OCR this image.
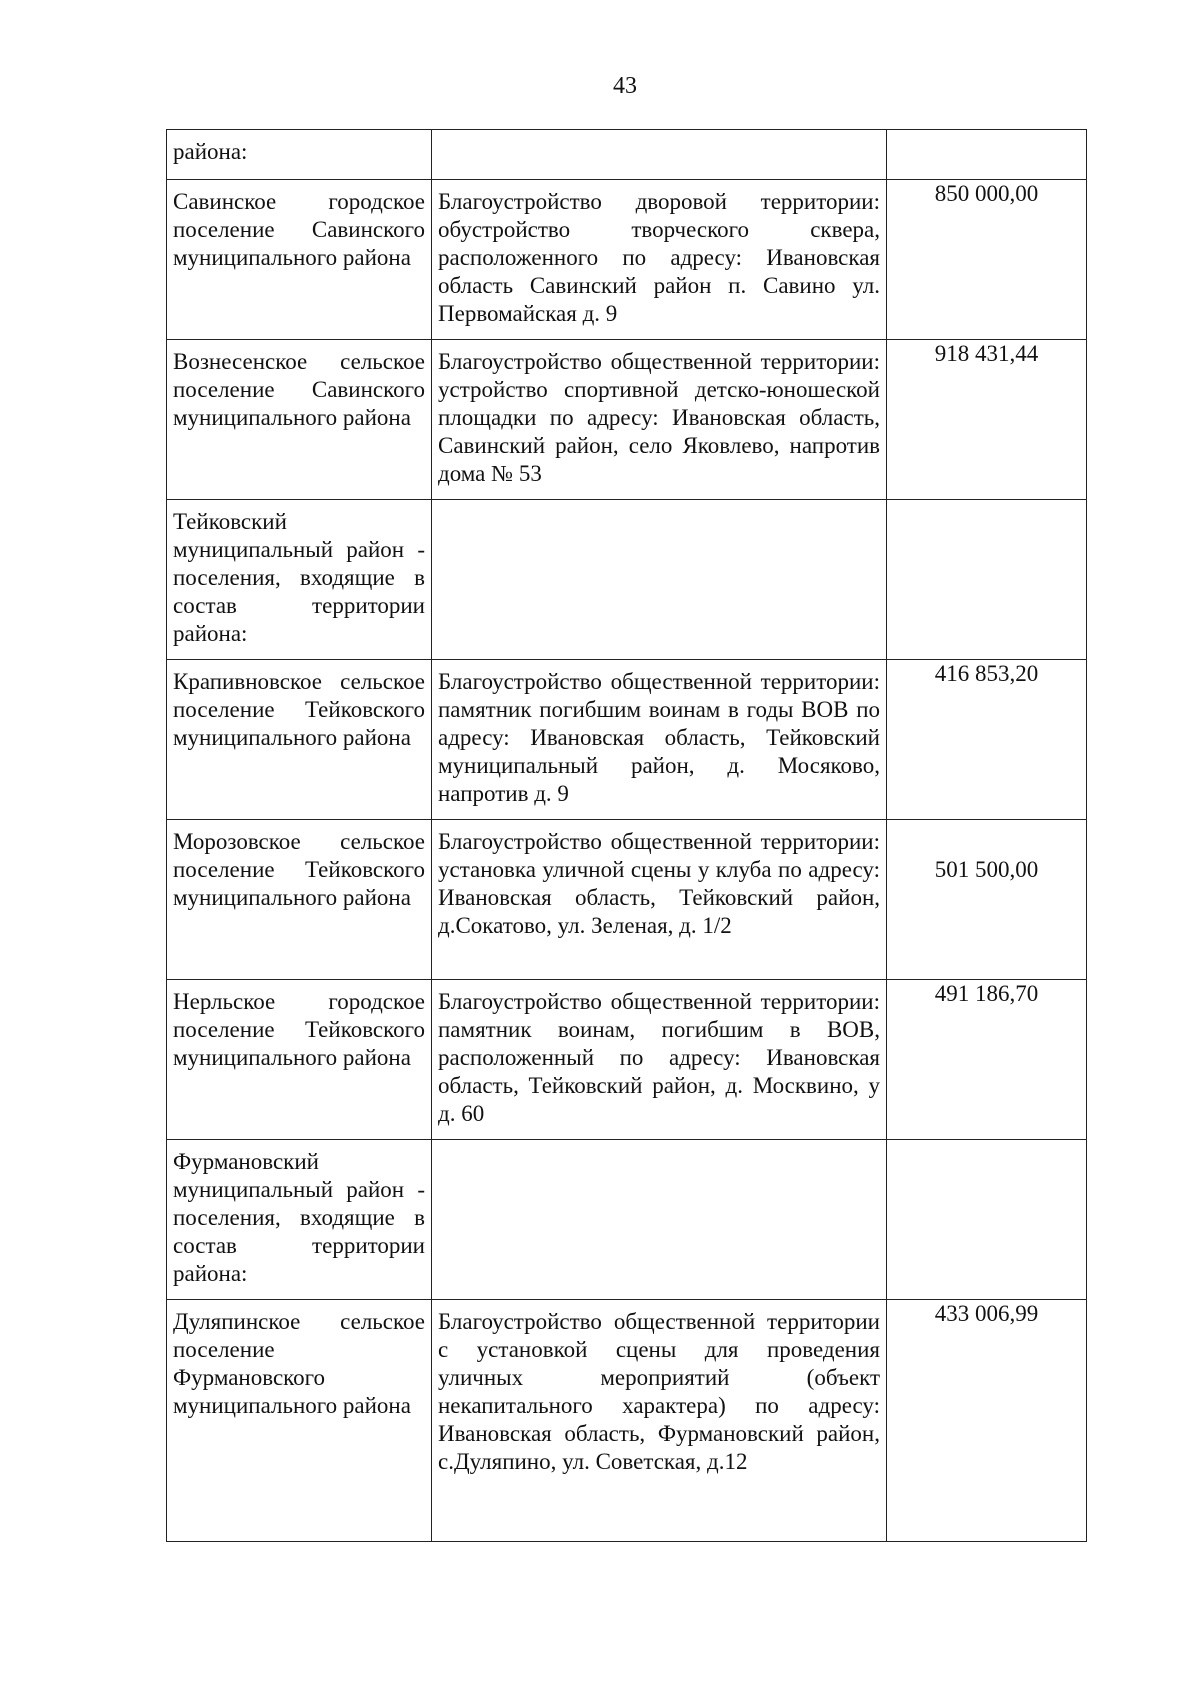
43
района:		

Савинское городское поселение Савинского муниципального района	Благоустройство дворовой территории: обустройство творческого сквера, расположенного по адресу: Ивановская область Савинский район п. Савино ул. Первомайская д. 9	850 000,00

Вознесенское сельское поселение Савинского муниципального района	Благоустройство общественной территории: устройство спортивной детско-юношеской площадки по адресу: Ивановская область, Савинский район, село Яковлево, напротив дома № 53	918 431,44

Тейковский муниципальный район - поселения, входящие в состав территории района:		

Крапивновское сельское поселение Тейковского муниципального района	Благоустройство общественной территории: памятник погибшим воинам в годы ВОВ по адресу: Ивановская область, Тейковский муниципальный район, д. Мосяково, напротив д. 9	416 853,20

Морозовское сельское поселение Тейковского муниципального района	Благоустройство общественной территории: установка уличной сцены у клуба по адресу: Ивановская область, Тейковский район, д.Сокатово, ул. Зеленая, д. 1/2	501 500,00

Нерльское городское поселение Тейковского муниципального района	Благоустройство общественной территории: памятник воинам, погибшим в ВОВ, расположенный по адресу: Ивановская область, Тейковский район, д. Москвино, у д. 60	491 186,70

Фурмановский муниципальный район - поселения, входящие в состав территории района:		

Дуляпинское сельское поселение Фурмановского муниципального района	Благоустройство общественной территории с установкой сцены для проведения уличных мероприятий (объект некапитального характера) по адресу: Ивановская область, Фурмановский район, с.Дуляпино, ул. Советская, д.12	433 006,99
